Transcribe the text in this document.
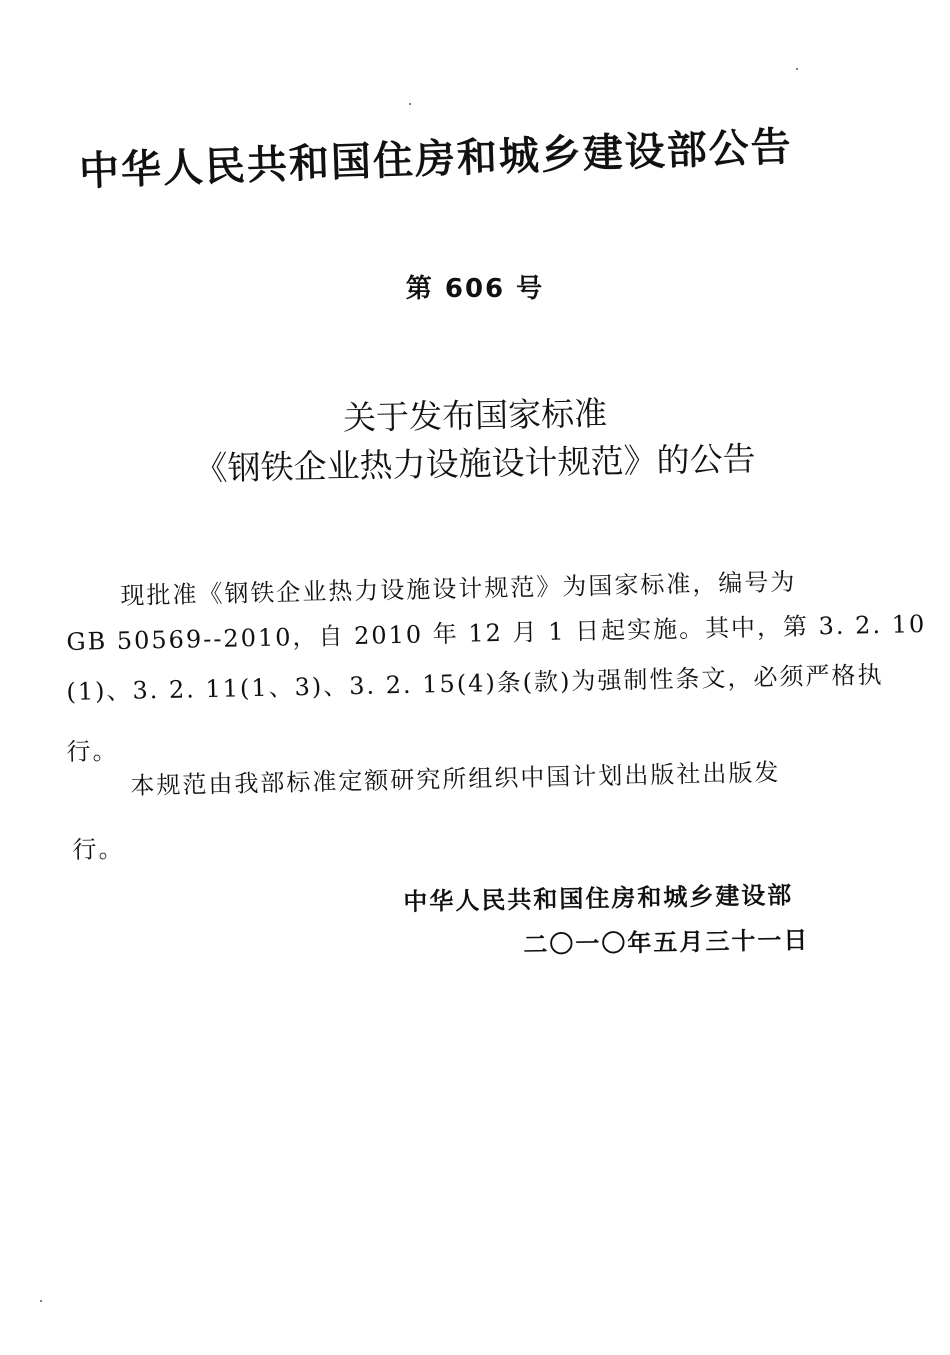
中华人民共和国住房和城乡建设部公告
第 606 号
关于发布国家标准
《钢铁企业热力设施设计规范》的公告
现批准《钢铁企业热力设施设计规范》为国家标准，编号为
GB 50569--2010，自 2010 年 12 月 1 日起实施。其中，第 3. 2. 10
(1)、3. 2. 11(1、3)、3. 2. 15(4)条(款)为强制性条文，必须严格执
行。
本规范由我部标准定额研究所组织中国计划出版社出版发
行。
中华人民共和国住房和城乡建设部
二〇一〇年五月三十一日
